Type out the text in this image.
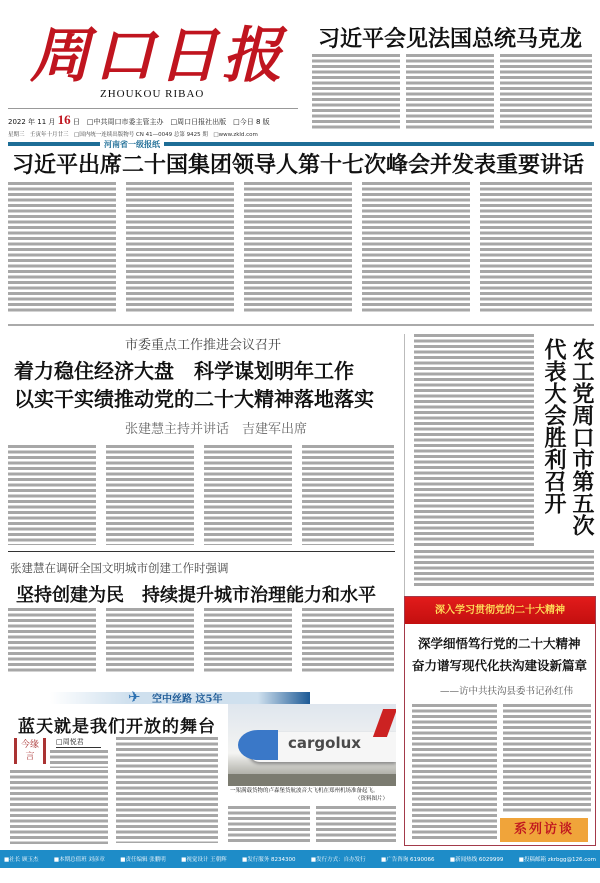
周口日报
ZHOUKOU RIBAO
2022 年 11 月 16 日　 □中共周口市委主管主办　□周口日报社出版　□今日 8 版
星期三　壬寅年十月廿三　□国内统一连续出版物号 CN 41—0049 总第 9425 期　□www.zkld.com
习近平会见法国总统马克龙
河南省一级报纸
习近平出席二十国集团领导人第十七次峰会并发表重要讲话
市委重点工作推进会议召开
着力稳住经济大盘　科学谋划明年工作
以实干实绩推动党的二十大精神落地落实
张建慧主持并讲话　吉建军出席	农工党周口市第五次代表大会胜利召开
张建慧在调研全国文明城市创建工作时强调
坚持创建为民　持续提升城市治理能力和水平
✈ 空中丝路 这5年
蓝天就是我们开放的舞台
今缘言
□周悦君	cargolux
一架满载货物的卢森堡货航波音大飞机在郑州机场准备起飞。
（资料图片）
深入学习贯彻党的二十大精神
深学细悟笃行党的二十大精神
奋力谱写现代化扶沟建设新篇章
——访中共扶沟县委书记孙红伟
系列访谈
■社长 顾玉杰	■本期总值班 刘彦章	■责任编辑 张鹏明	■视觉设计 王朝辉	■发行服务 8234300	■发行方式：自办发行	■广告咨询 6190066	■新闻热线 6029999	■投稿邮箱 zkrbgg@126.com
